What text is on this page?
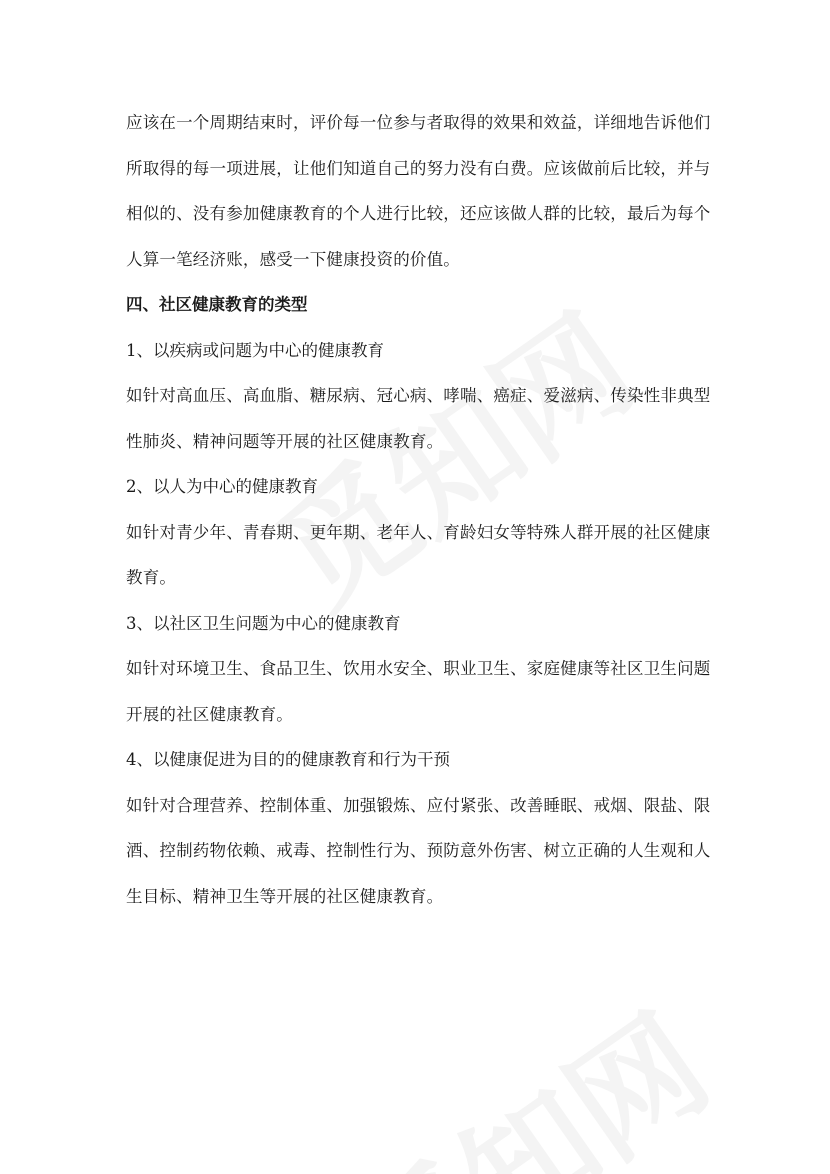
应该在一个周期结束时，评价每一位参与者取得的效果和效益，详细地告诉他们所取得的每一项进展，让他们知道自己的努力没有白费。应该做前后比较，并与相似的、没有参加健康教育的个人进行比较，还应该做人群的比较，最后为每个人算一笔经济账，感受一下健康投资的价值。

四、社区健康教育的类型

1、以疾病或问题为中心的健康教育

如针对高血压、高血脂、糖尿病、冠心病、哮喘、癌症、爱滋病、传染性非典型性肺炎、精神问题等开展的社区健康教育。

2、以人为中心的健康教育

如针对青少年、青春期、更年期、老年人、育龄妇女等特殊人群开展的社区健康教育。

3、以社区卫生问题为中心的健康教育

如针对环境卫生、食品卫生、饮用水安全、职业卫生、家庭健康等社区卫生问题开展的社区健康教育。

4、以健康促进为目的的健康教育和行为干预

如针对合理营养、控制体重、加强锻炼、应付紧张、改善睡眠、戒烟、限盐、限酒、控制药物依赖、戒毒、控制性行为、预防意外伤害、树立正确的人生观和人生目标、精神卫生等开展的社区健康教育。
